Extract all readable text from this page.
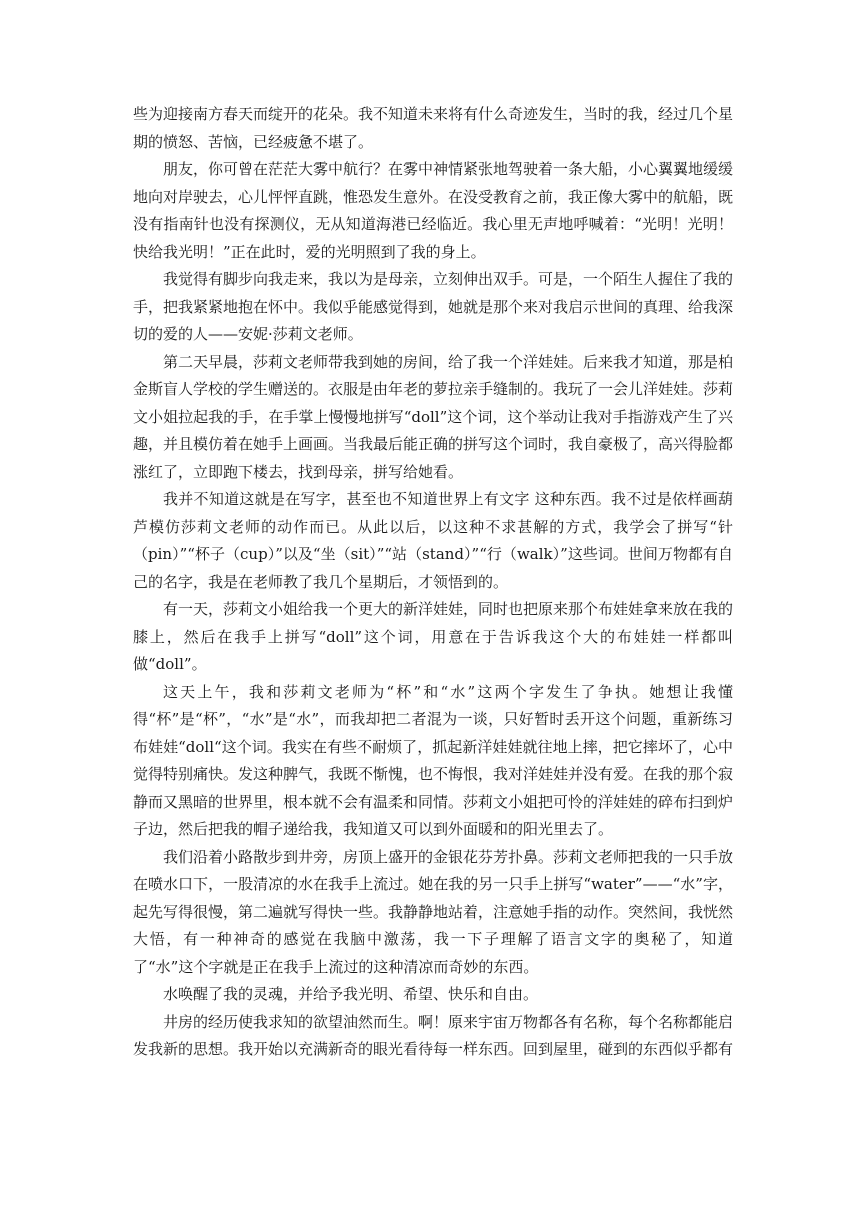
些为迎接南方春天而绽开的花朵。我不知道未来将有什么奇迹发生，当时的我，经过几个星期的愤怒、苦恼，已经疲惫不堪了。

朋友，你可曾在茫茫大雾中航行？在雾中神情紧张地驾驶着一条大船，小心翼翼地缓缓地向对岸驶去，心儿怦怦直跳，惟恐发生意外。在没受教育之前，我正像大雾中的航船，既没有指南针也没有探测仪，无从知道海港已经临近。我心里无声地呼喊着：“光明！光明！快给我光明！”正在此时，爱的光明照到了我的身上。

我觉得有脚步向我走来，我以为是母亲，立刻伸出双手。可是，一个陌生人握住了我的手，把我紧紧地抱在怀中。我似乎能感觉得到，她就是那个来对我启示世间的真理、给我深切的爱的人——安妮·莎莉文老师。

第二天早晨，莎莉文老师带我到她的房间，给了我一个洋娃娃。后来我才知道，那是柏金斯盲人学校的学生赠送的。衣服是由年老的萝拉亲手缝制的。我玩了一会儿洋娃娃。莎莉文小姐拉起我的手，在手掌上慢慢地拼写“doll”这个词，这个举动让我对手指游戏产生了兴趣，并且模仿着在她手上画画。当我最后能正确的拼写这个词时，我自豪极了，高兴得脸都涨红了，立即跑下楼去，找到母亲，拼写给她看。

我并不知道这就是在写字，甚至也不知道世界上有文字 这种东西。我不过是依样画葫芦模仿莎莉文老师的动作而已。从此以后，以这种不求甚解的方式，我学会了拼写“针（pin）”“杯子（cup）”以及“坐（sit）”“站（stand）”“行（walk）”这些词。世间万物都有自己的名字，我是在老师教了我几个星期后，才领悟到的。

有一天，莎莉文小姐给我一个更大的新洋娃娃，同时也把原来那个布娃娃拿来放在我的膝上，然后在我手上拼写“doll”这个词，用意在于告诉我这个大的布娃娃一样都叫做“doll”。

这天上午，我和莎莉文老师为“杯”和“水”这两个字发生了争执。她想让我懂得“杯”是“杯”，“水”是“水”，而我却把二者混为一谈，只好暂时丢开这个问题，重新练习布娃娃“doll“这个词。我实在有些不耐烦了，抓起新洋娃娃就往地上摔，把它摔坏了，心中觉得特别痛快。发这种脾气，我既不惭愧，也不悔恨，我对洋娃娃并没有爱。在我的那个寂静而又黑暗的世界里，根本就不会有温柔和同情。莎莉文小姐把可怜的洋娃娃的碎布扫到炉子边，然后把我的帽子递给我，我知道又可以到外面暖和的阳光里去了。

我们沿着小路散步到井旁，房顶上盛开的金银花芬芳扑鼻。莎莉文老师把我的一只手放在喷水口下，一股清凉的水在我手上流过。她在我的另一只手上拼写“water”——“水”字，起先写得很慢，第二遍就写得快一些。我静静地站着，注意她手指的动作。突然间，我恍然大悟，有一种神奇的感觉在我脑中激荡，我一下子理解了语言文字的奥秘了，知道了“水”这个字就是正在我手上流过的这种清凉而奇妙的东西。

水唤醒了我的灵魂，并给予我光明、希望、快乐和自由。

井房的经历使我求知的欲望油然而生。啊！原来宇宙万物都各有名称，每个名称都能启发我新的思想。我开始以充满新奇的眼光看待每一样东西。回到屋里，碰到的东西似乎都有
